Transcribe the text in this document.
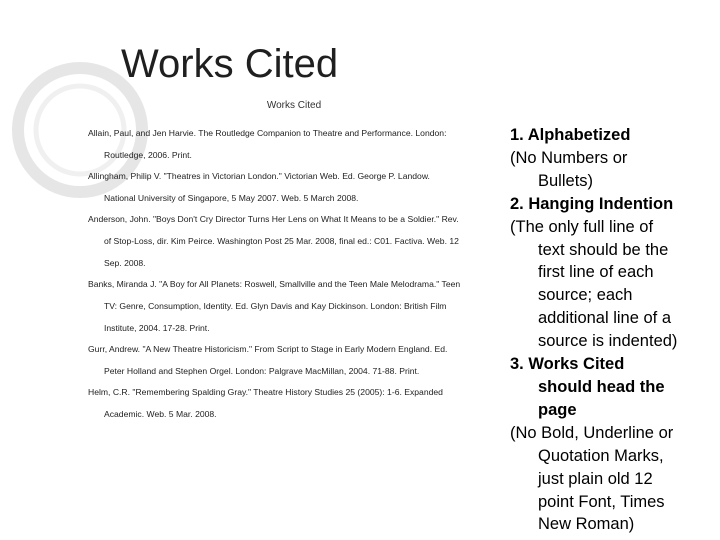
Works Cited
Works Cited
Allain, Paul, and Jen Harvie. The Routledge Companion to Theatre and Performance. London:
Routledge, 2006. Print.
Allingham, Philip V. "Theatres in Victorian London." Victorian Web. Ed. George P. Landow.
National University of Singapore, 5 May 2007. Web. 5 March 2008.
Anderson, John. "Boys Don't Cry Director Turns Her Lens on What It Means to be a Soldier." Rev.
of Stop-Loss, dir. Kim Peirce. Washington Post 25 Mar. 2008, final ed.: C01. Factiva. Web. 12
Sep. 2008.
Banks, Miranda J. "A Boy for All Planets: Roswell, Smallville and the Teen Male Melodrama." Teen
TV: Genre, Consumption, Identity. Ed. Glyn Davis and Kay Dickinson. London: British Film
Institute, 2004. 17-28. Print.
Gurr, Andrew. "A New Theatre Historicism." From Script to Stage in Early Modern England. Ed.
Peter Holland and Stephen Orgel. London: Palgrave MacMillan, 2004. 71-88. Print.
Helm, C.R. "Remembering Spalding Gray." Theatre History Studies 25 (2005): 1-6. Expanded
Academic. Web. 5 Mar. 2008.
1. Alphabetized
(No Numbers or
Bullets)
2. Hanging Indention
(The only full line of
text should be the
first line of each
source; each
additional line of a
source is indented)
3. Works Cited
should head the
page
(No Bold, Underline or
Quotation Marks,
just plain old 12
point Font, Times
New Roman)
